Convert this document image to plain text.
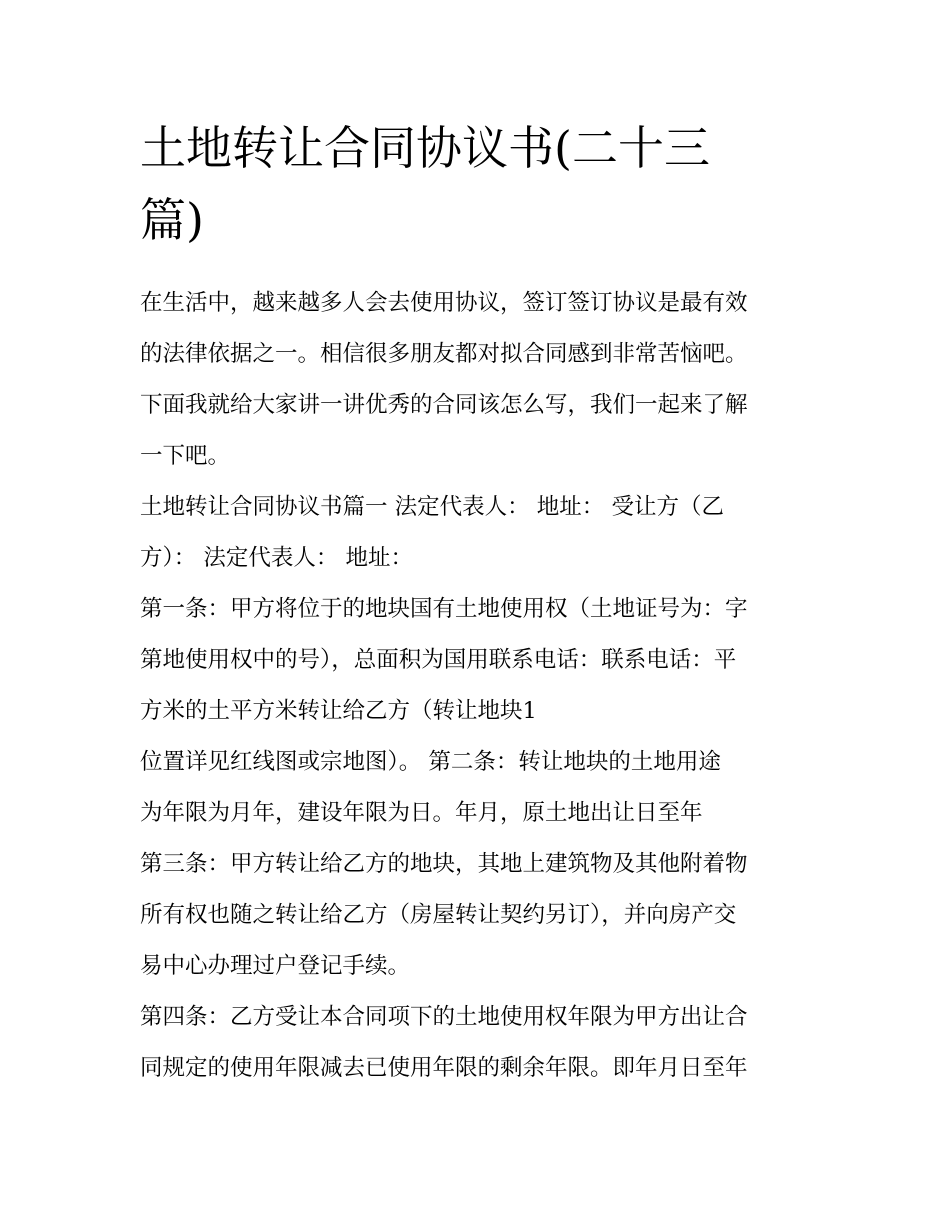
土地转让合同协议书(二十三
篇)
在生活中，越来越多人会去使用协议，签订签订协议是最有效
的法律依据之一。相信很多朋友都对拟合同感到非常苦恼吧。
下面我就给大家讲一讲优秀的合同该怎么写，我们一起来了解
一下吧。
土地转让合同协议书篇一 法定代表人： 地址： 受让方（乙
方）： 法定代表人： 地址：
第一条：甲方将位于的地块国有土地使用权（土地证号为：字
第地使用权中的号），总面积为国用联系电话：联系电话：平
方米的土平方米转让给乙方（转让地块1
位置详见红线图或宗地图）。 第二条：转让地块的土地用途
为年限为月年，建设年限为日。年月，原土地出让日至年
第三条：甲方转让给乙方的地块，其地上建筑物及其他附着物
所有权也随之转让给乙方（房屋转让契约另订），并向房产交
易中心办理过户登记手续。
第四条：乙方受让本合同项下的土地使用权年限为甲方出让合
同规定的使用年限减去已使用年限的剩余年限。即年月日至年
